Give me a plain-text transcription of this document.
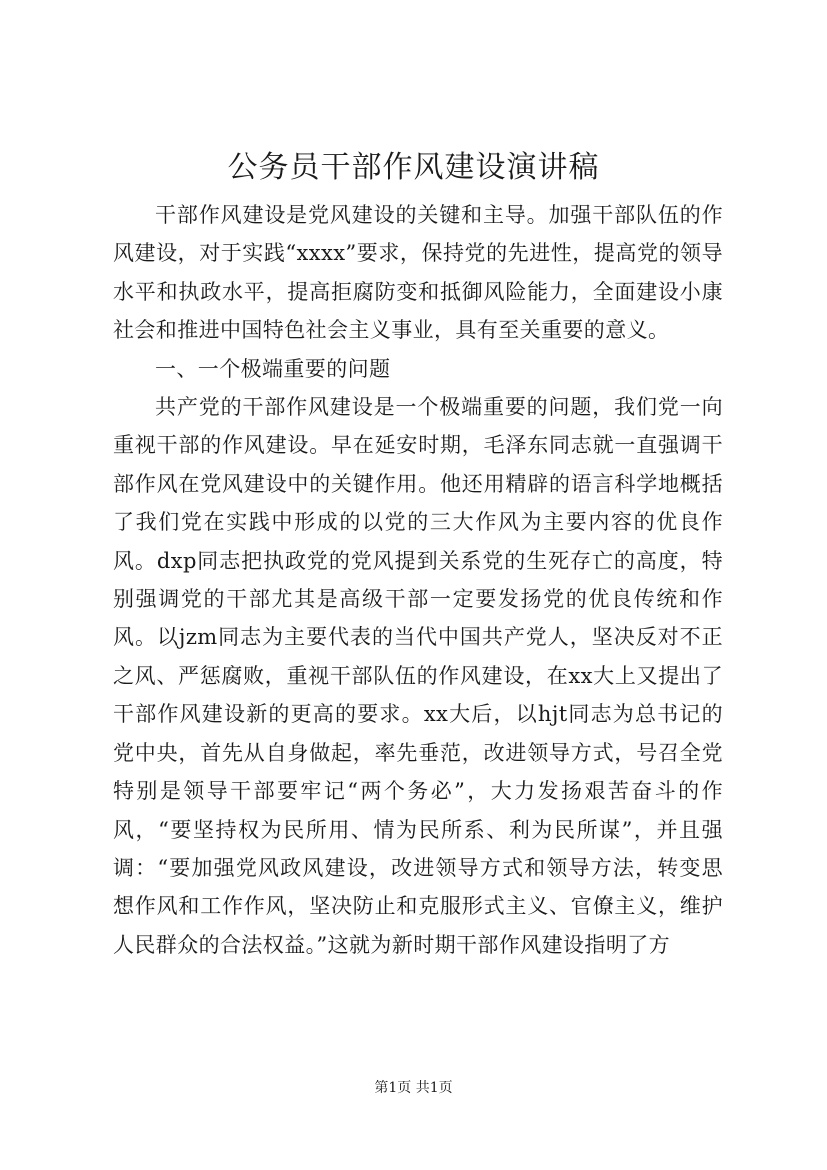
公务员干部作风建设演讲稿

干部作风建设是党风建设的关键和主导。加强干部队伍的作风建设，对于实践“xxxx”要求，保持党的先进性，提高党的领导水平和执政水平，提高拒腐防变和抵御风险能力，全面建设小康社会和推进中国特色社会主义事业，具有至关重要的意义。

一、一个极端重要的问题

共产党的干部作风建设是一个极端重要的问题，我们党一向重视干部的作风建设。早在延安时期，毛泽东同志就一直强调干部作风在党风建设中的关键作用。他还用精辟的语言科学地概括了我们党在实践中形成的以党的三大作风为主要内容的优良作风。dxp同志把执政党的党风提到关系党的生死存亡的高度，特别强调党的干部尤其是高级干部一定要发扬党的优良传统和作风。以jzm同志为主要代表的当代中国共产党人，坚决反对不正之风、严惩腐败，重视干部队伍的作风建设，在xx大上又提出了干部作风建设新的更高的要求。xx大后，以hjt同志为总书记的党中央，首先从自身做起，率先垂范，改进领导方式，号召全党特别是领导干部要牢记“两个务必”，大力发扬艰苦奋斗的作风，“要坚持权为民所用、情为民所系、利为民所谋”，并且强调：“要加强党风政风建设，改进领导方式和领导方法，转变思想作风和工作作风，坚决防止和克服形式主义、官僚主义，维护人民群众的合法权益。”这就为新时期干部作风建设指明了方

第1页 共1页
